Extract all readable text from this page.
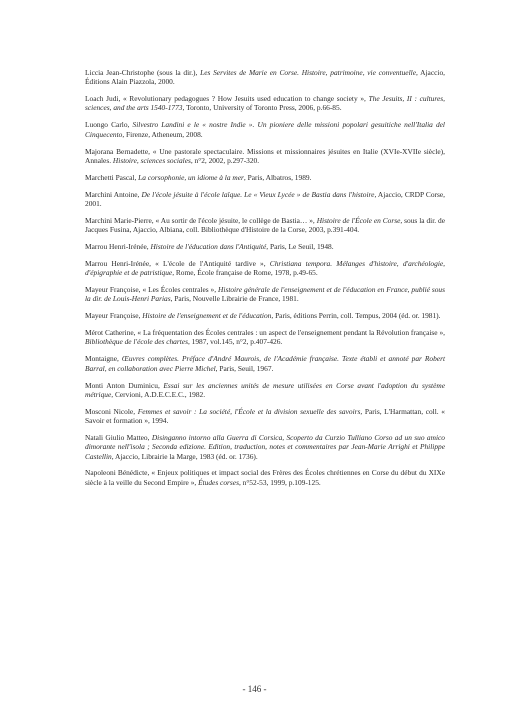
Liccia Jean-Christophe (sous la dir.), Les Servites de Marie en Corse. Histoire, patrimoine, vie conventuelle, Ajaccio, Éditions Alain Piazzola, 2000.

Loach Judi, « Revolutionary pedagogues ? How Jesuits used education to change society », The Jesuits, II : cultures, sciences, and the arts 1540-1773, Toronto, University of Toronto Press, 2006, p.66-85.

Luongo Carlo, Silvestro Landini e le « nostre Indie ». Un pioniere delle missioni popolari gesuitiche nell'Italia del Cinquecento, Firenze, Atheneum, 2008.

Majorana Bernadette, « Une pastorale spectaculaire. Missions et missionnaires jésuites en Italie (XVIe-XVIIe siècle), Annales. Histoire, sciences sociales, n°2, 2002, p.297-320.

Marchetti Pascal, La corsophonie, un idiome à la mer, Paris, Albatros, 1989.

Marchini Antoine, De l'école jésuite à l'école laïque. Le « Vieux Lycée » de Bastia dans l'histoire, Ajaccio, CRDP Corse, 2001.

Marchini Marie-Pierre, « Au sortir de l'école jésuite, le collège de Bastia… », Histoire de l'École en Corse, sous la dir. de Jacques Fusina, Ajaccio, Albiana, coll. Bibliothèque d'Histoire de la Corse, 2003, p.391-404.

Marrou Henri-Irénée, Histoire de l'éducation dans l'Antiquité, Paris, Le Seuil, 1948.

Marrou Henri-Irénée, « L'école de l'Antiquité tardive », Christiana tempora. Mélanges d'histoire, d'archéologie, d'épigraphie et de patristique, Rome, École française de Rome, 1978, p.49-65.

Mayeur Françoise, « Les Écoles centrales », Histoire générale de l'enseignement et de l'éducation en France, publié sous la dir. de Louis-Henri Parias, Paris, Nouvelle Librairie de France, 1981.

Mayeur Françoise, Histoire de l'enseignement et de l'éducation, Paris, éditions Perrin, coll. Tempus, 2004 (éd. or. 1981).

Mérot Catherine, « La fréquentation des Écoles centrales : un aspect de l'enseignement pendant la Révolution française », Bibliothèque de l'école des chartes, 1987, vol.145, n°2, p.407-426.

Montaigne, Œuvres complètes. Préface d'André Maurois, de l'Académie française. Texte établi et annoté par Robert Barral, en collaboration avec Pierre Michel, Paris, Seuil, 1967.

Monti Anton Duminicu, Essai sur les anciennes unités de mesure utilisées en Corse avant l'adoption du système métrique, Cervioni, A.D.E.C.E.C., 1982.

Mosconi Nicole, Femmes et savoir : La société, l'École et la division sexuelle des savoirs, Paris, L'Harmattan, coll. « Savoir et formation », 1994.

Natali Giulio Matteo, Disinganno intorno alla Guerra di Corsica, Scoperto da Curzio Tulliano Corso ad un suo amico dimorante nell'isola ; Seconda edizione. Edition, traduction, notes et commentaires par Jean-Marie Arrighi et Philippe Castellin, Ajaccio, Librairie la Marge, 1983 (éd. or. 1736).

Napoleoni Bénédicte, « Enjeux politiques et impact social des Frères des Écoles chrétiennes en Corse du début du XIXe siècle à la veille du Second Empire », Études corses, n°52-53, 1999, p.109-125.

- 146 -
